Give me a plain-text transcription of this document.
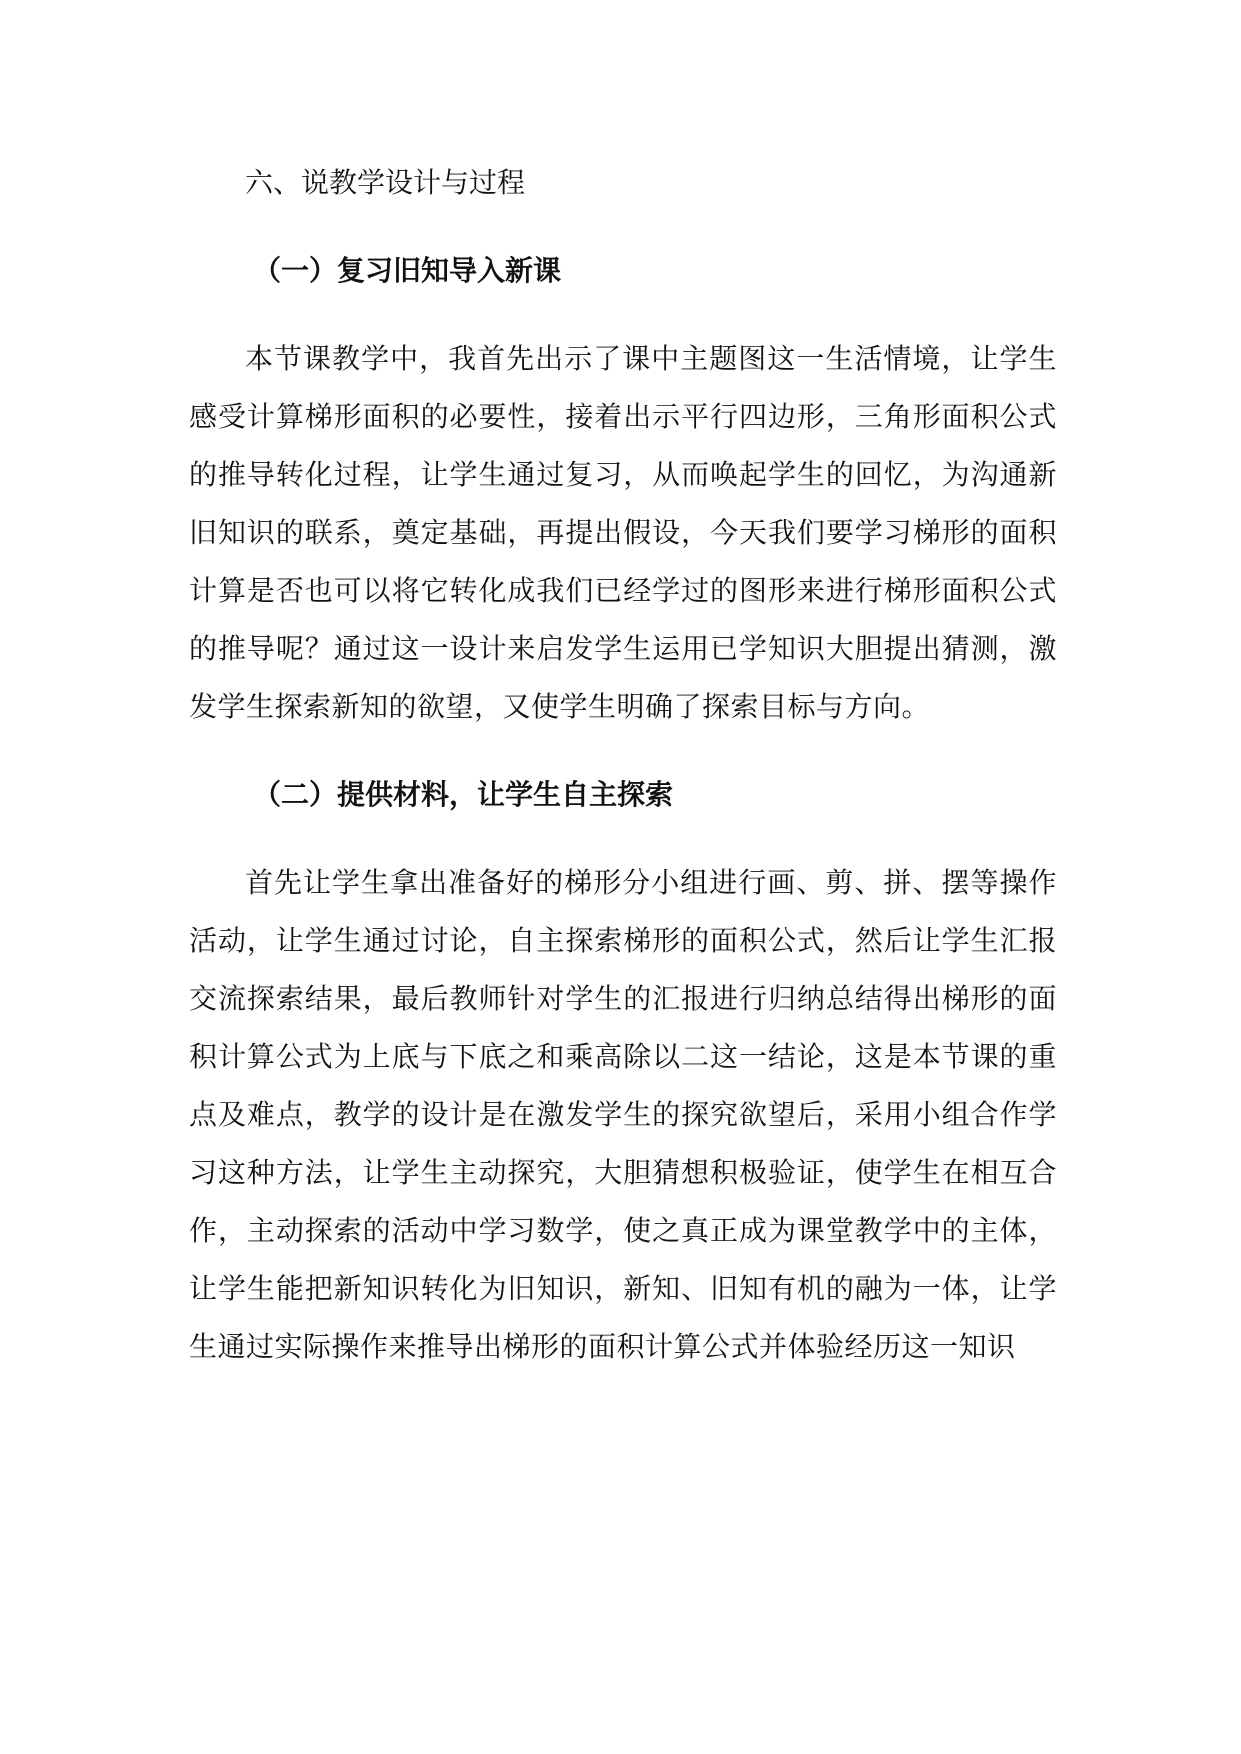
六、说教学设计与过程
（一）复习旧知导入新课

本节课教学中，我首先出示了课中主题图这一生活情境，让学生感受计算梯形面积的必要性，接着出示平行四边形，三角形面积公式的推导转化过程，让学生通过复习，从而唤起学生的回忆，为沟通新旧知识的联系，奠定基础，再提出假设，今天我们要学习梯形的面积计算是否也可以将它转化成我们已经学过的图形来进行梯形面积公式的推导呢？通过这一设计来启发学生运用已学知识大胆提出猜测，激发学生探索新知的欲望，又使学生明确了探索目标与方向。

（二）提供材料，让学生自主探索

首先让学生拿出准备好的梯形分小组进行画、剪、拼、摆等操作活动，让学生通过讨论，自主探索梯形的面积公式，然后让学生汇报交流探索结果，最后教师针对学生的汇报进行归纳总结得出梯形的面积计算公式为上底与下底之和乘高除以二这一结论，这是本节课的重点及难点，教学的设计是在激发学生的探究欲望后，采用小组合作学习这种方法，让学生主动探究，大胆猜想积极验证，使学生在相互合作，主动探索的活动中学习数学，使之真正成为课堂教学中的主体，让学生能把新知识转化为旧知识，新知、旧知有机的融为一体，让学生通过实际操作来推导出梯形的面积计算公式并体验经历这一知识
